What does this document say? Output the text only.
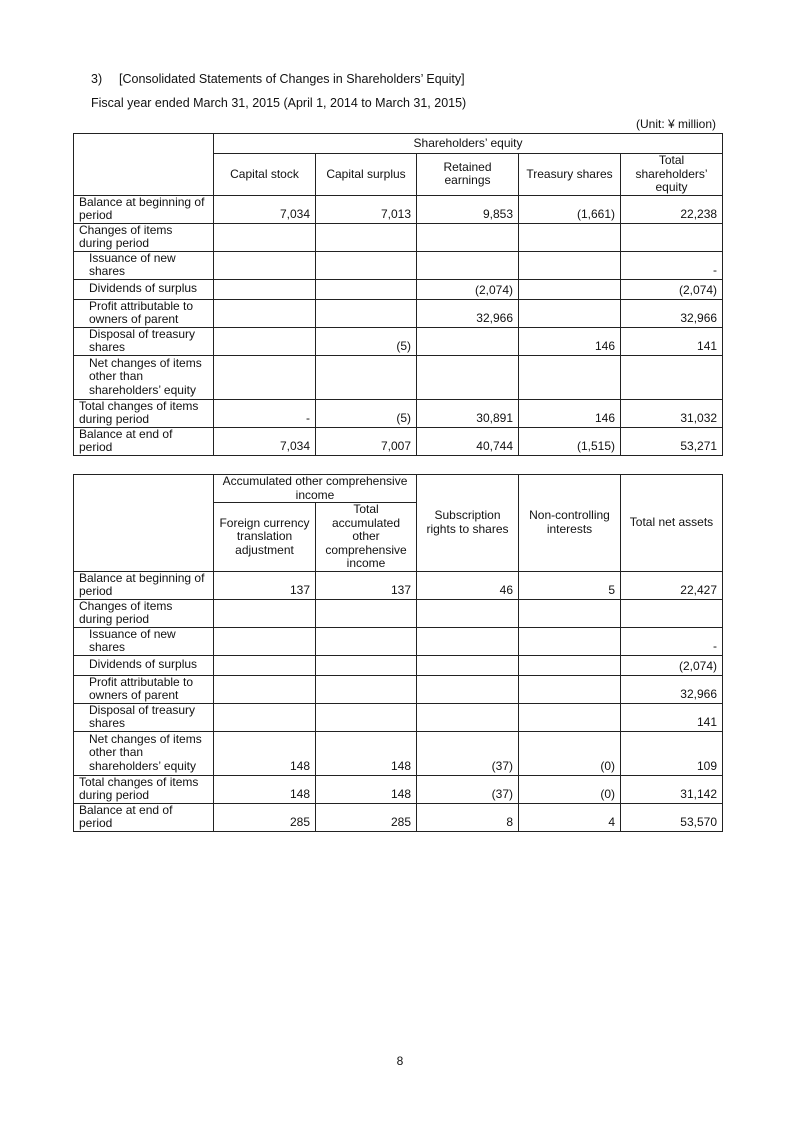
3) [Consolidated Statements of Changes in Shareholders’ Equity]
Fiscal year ended March 31, 2015 (April 1, 2014 to March 31, 2015)
(Unit: ¥ million)
	Shareholders’ equity				
	Capital stock	Capital surplus	Retained earnings	Treasury shares	Total shareholders’ equity
Balance at beginning of period	7,034	7,013	9,853	(1,661)	22,238
Changes of items during period					
Issuance of new shares					-
Dividends of surplus			(2,074)		(2,074)
Profit attributable to owners of parent			32,966		32,966
Disposal of treasury shares		(5)		146	141
Net changes of items other than shareholders’ equity					
Total changes of items during period	-	(5)	30,891	146	31,032
Balance at end of period	7,034	7,007	40,744	(1,515)	53,271
	Accumulated other comprehensive income		Subscription rights to shares	Non-controlling interests	Total net assets
	Foreign currency translation adjustment	Total accumulated other comprehensive income			
Balance at beginning of period	137	137	46	5	22,427
Changes of items during period					
Issuance of new shares					-
Dividends of surplus					(2,074)
Profit attributable to owners of parent					32,966
Disposal of treasury shares					141
Net changes of items other than shareholders’ equity	148	148	(37)	(0)	109
Total changes of items during period	148	148	(37)	(0)	31,142
Balance at end of period	285	285	8	4	53,570
8
